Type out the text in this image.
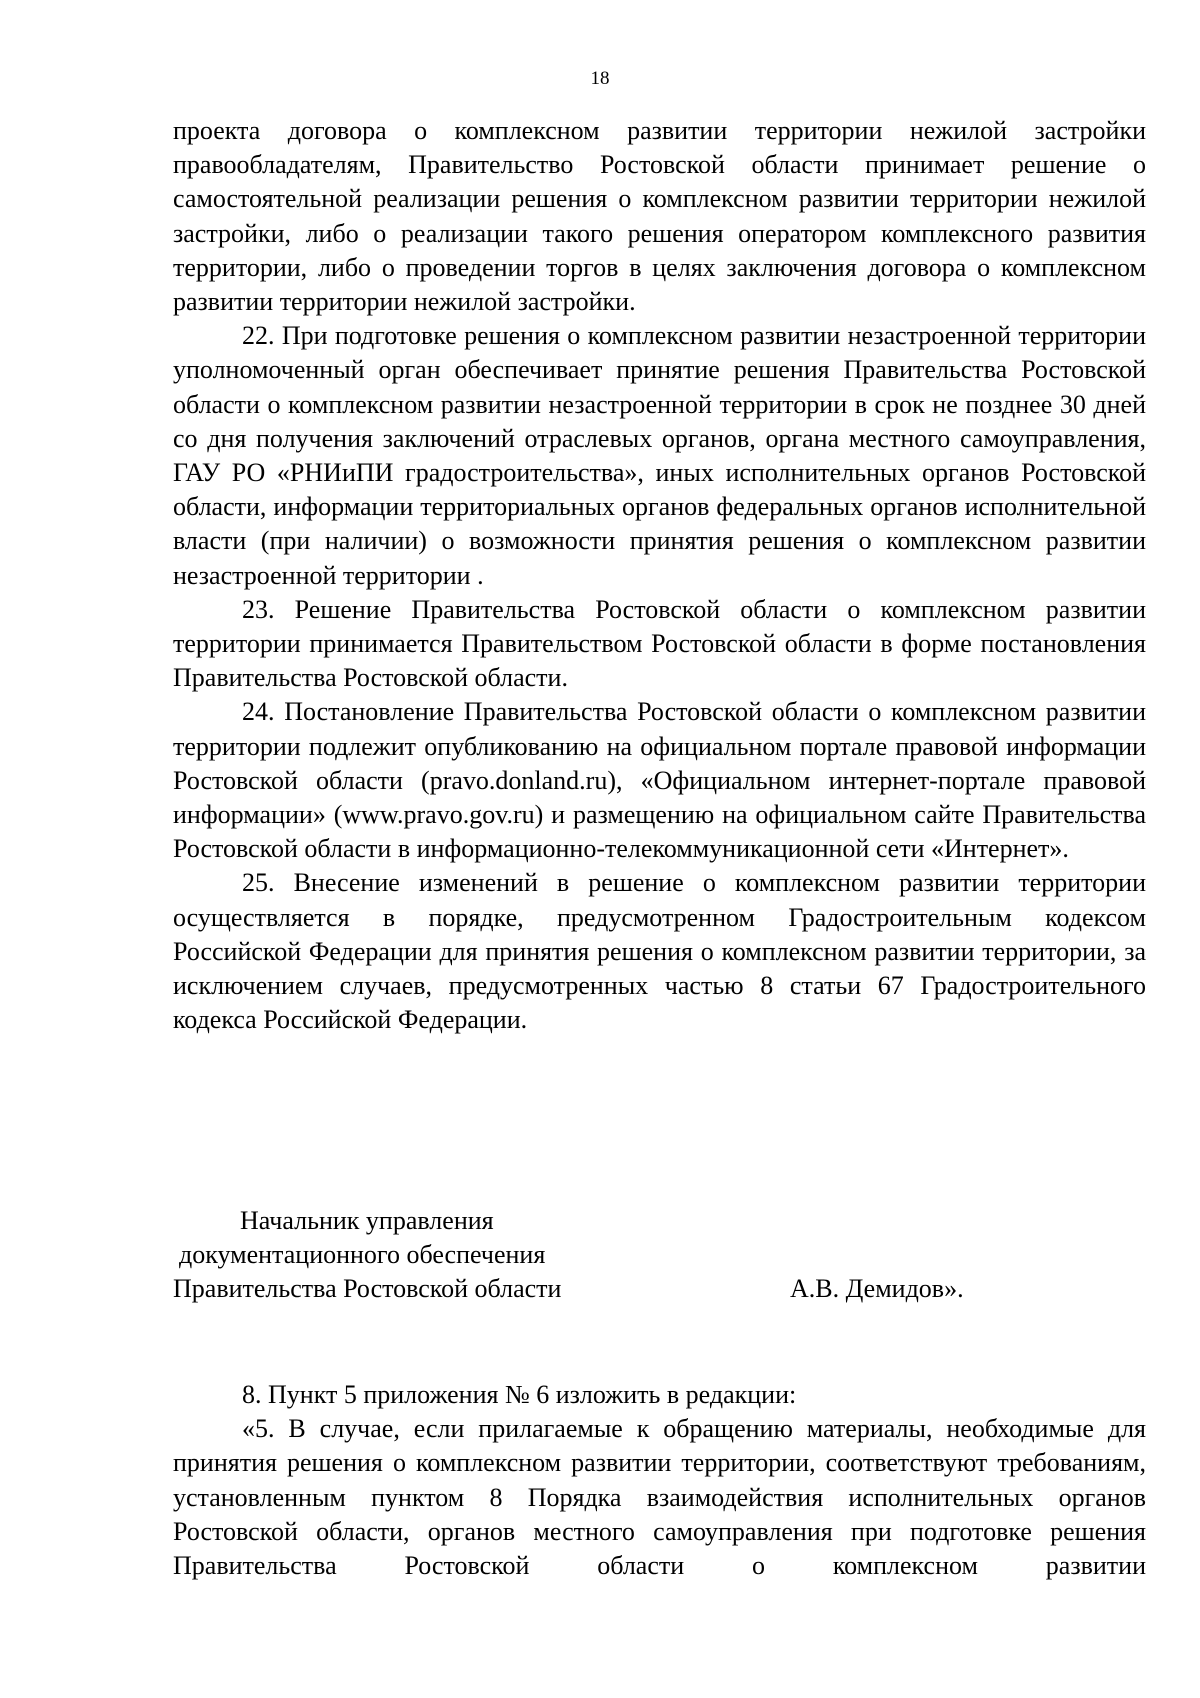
18

проекта договора о комплексном развитии территории нежилой застройки правообладателям, Правительство Ростовской области принимает решение о самостоятельной реализации решения о комплексном развитии территории нежилой застройки, либо о реализации такого решения оператором комплексного развития территории, либо о проведении торгов в целях заключения договора о комплексном развитии территории нежилой застройки.

22. При подготовке решения о комплексном развитии незастроенной территории уполномоченный орган обеспечивает принятие решения Правительства Ростовской области о комплексном развитии незастроенной территории в срок не позднее 30 дней со дня получения заключений отраслевых органов, органа местного самоуправления, ГАУ РО «РНИиПИ градостроительства», иных исполнительных органов Ростовской области, информации территориальных органов федеральных органов исполнительной власти (при наличии) о возможности принятия решения о комплексном развитии незастроенной территории .

23. Решение Правительства Ростовской области о комплексном развитии территории принимается Правительством Ростовской области в форме постановления Правительства Ростовской области.

24. Постановление Правительства Ростовской области о комплексном развитии территории подлежит опубликованию на официальном портале правовой информации Ростовской области (pravo.donland.ru), «Официальном интернет-портале правовой информации» (www.pravo.gov.ru) и размещению на официальном сайте Правительства Ростовской области в информационно-телекоммуникационной сети «Интернет».

25. Внесение изменений в решение о комплексном развитии территории осуществляется в порядке, предусмотренном Градостроительным кодексом Российской Федерации для принятия решения о комплексном развитии территории, за исключением случаев, предусмотренных частью 8 статьи 67 Градостроительного кодекса Российской Федерации.

Начальник управления
документационного обеспечения
Правительства Ростовской области	А.В. Демидов».

8. Пункт 5 приложения № 6 изложить в редакции:

«5. В случае, если прилагаемые к обращению материалы, необходимые для принятия решения о комплексном развитии территории, соответствуют требованиям, установленным пунктом 8 Порядка взаимодействия исполнительных органов Ростовской области, органов местного самоуправления при подготовке решения Правительства Ростовской области о комплексном развитии
